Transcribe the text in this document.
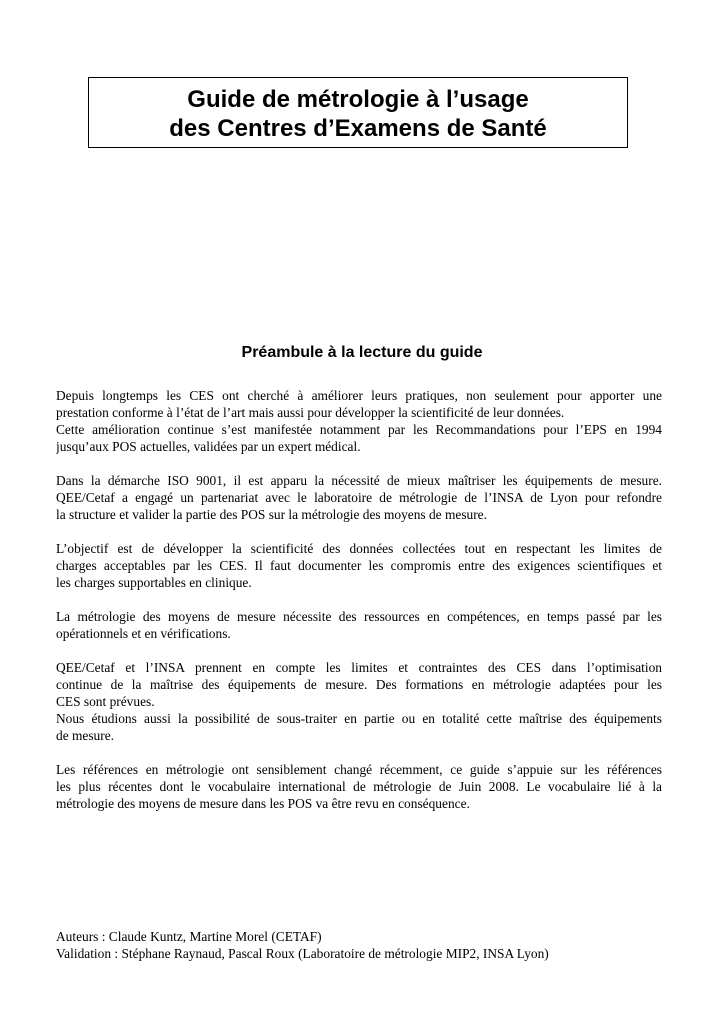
Guide de métrologie à l’usage
des Centres d’Examens de Santé
Préambule à la lecture du guide

Depuis longtemps les CES ont cherché à améliorer leurs pratiques, non seulement pour apporter une
prestation conforme à l’état de l’art mais aussi pour développer la scientificité de leur données.
Cette amélioration continue s’est manifestée notamment par les Recommandations pour l’EPS en 1994
jusqu’aux POS actuelles, validées par un expert médical.

Dans la démarche ISO 9001, il est apparu la nécessité de mieux maîtriser les équipements de mesure.
QEE/Cetaf a engagé un partenariat avec le laboratoire de métrologie de l’INSA de Lyon pour refondre
la structure et valider la partie des POS sur la métrologie des moyens de mesure.

L’objectif est de développer la scientificité des données collectées tout en respectant les limites de
charges acceptables par les CES. Il faut documenter les compromis entre des exigences scientifiques et
les charges supportables en clinique.

La métrologie des moyens de mesure nécessite des ressources en compétences, en temps passé par les
opérationnels et en vérifications.

QEE/Cetaf et l’INSA prennent en compte les limites et contraintes des CES dans l’optimisation
continue de la maîtrise des équipements de mesure. Des formations en métrologie adaptées pour les
CES sont prévues.
Nous étudions aussi la possibilité de sous-traiter en partie ou en totalité cette maîtrise des équipements
de mesure.

Les références en métrologie ont sensiblement changé récemment, ce guide s’appuie sur les références
les plus récentes dont le vocabulaire international de métrologie de Juin 2008. Le vocabulaire lié à la
métrologie des moyens de mesure dans les POS va être revu en conséquence.

Auteurs : Claude Kuntz, Martine Morel (CETAF)
Validation : Stéphane Raynaud, Pascal Roux (Laboratoire de métrologie MIP2, INSA Lyon)
